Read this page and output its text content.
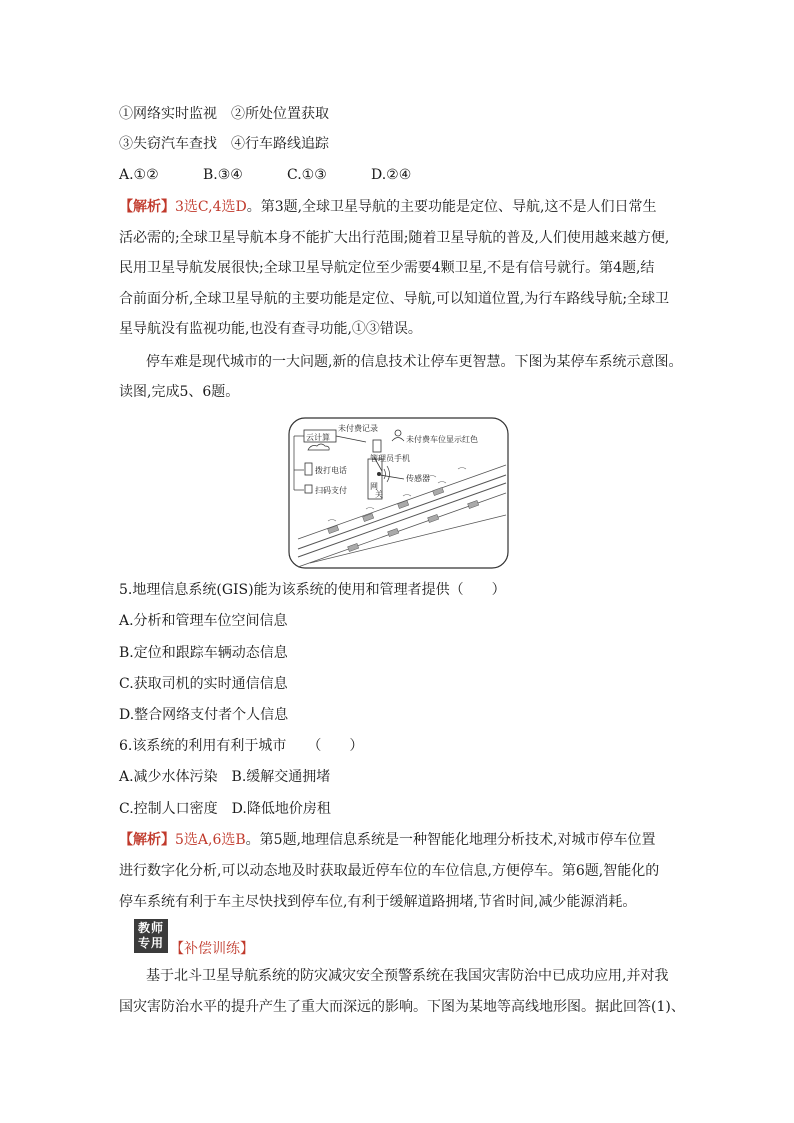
①网络实时监视　②所处位置获取
③失窃汽车查找　④行车路线追踪
A.①②	B.③④	C.①③	D.②④
【解析】3选C,4选D。第3题,全球卫星导航的主要功能是定位、导航,这不是人们日常生
活必需的;全球卫星导航本身不能扩大出行范围;随着卫星导航的普及,人们使用越来越方便,
民用卫星导航发展很快;全球卫星导航定位至少需要4颗卫星,不是有信号就行。第4题,结
合前面分析,全球卫星导航的主要功能是定位、导航,可以知道位置,为行车路线导航;全球卫
星导航没有监视功能,也没有查寻功能,①③错误。
停车难是现代城市的一大问题,新的信息技术让停车更智慧。下图为某停车系统示意图。
读图,完成5、6题。
云计算
未付费记录
未付费车位显示红色
管理员手机
拨打电话
扫码支付	网
关
传感器
5.地理信息系统(GIS)能为该系统的使用和管理者提供（　　）
A.分析和管理车位空间信息
B.定位和跟踪车辆动态信息
C.获取司机的实时通信信息
D.整合网络支付者个人信息
6.该系统的利用有利于城市　　（　　）
A.减少水体污染　B.缓解交通拥堵
C.控制人口密度　D.降低地价房租
【解析】5选A,6选B。第5题,地理信息系统是一种智能化地理分析技术,对城市停车位置
进行数字化分析,可以动态地及时获取最近停车位的车位信息,方便停车。第6题,智能化的
停车系统有利于车主尽快找到停车位,有利于缓解道路拥堵,节省时间,减少能源消耗。
教师
专用 【补偿训练】
基于北斗卫星导航系统的防灾减灾安全预警系统在我国灾害防治中已成功应用,并对我
国灾害防治水平的提升产生了重大而深远的影响。下图为某地等高线地形图。据此回答(1)、
